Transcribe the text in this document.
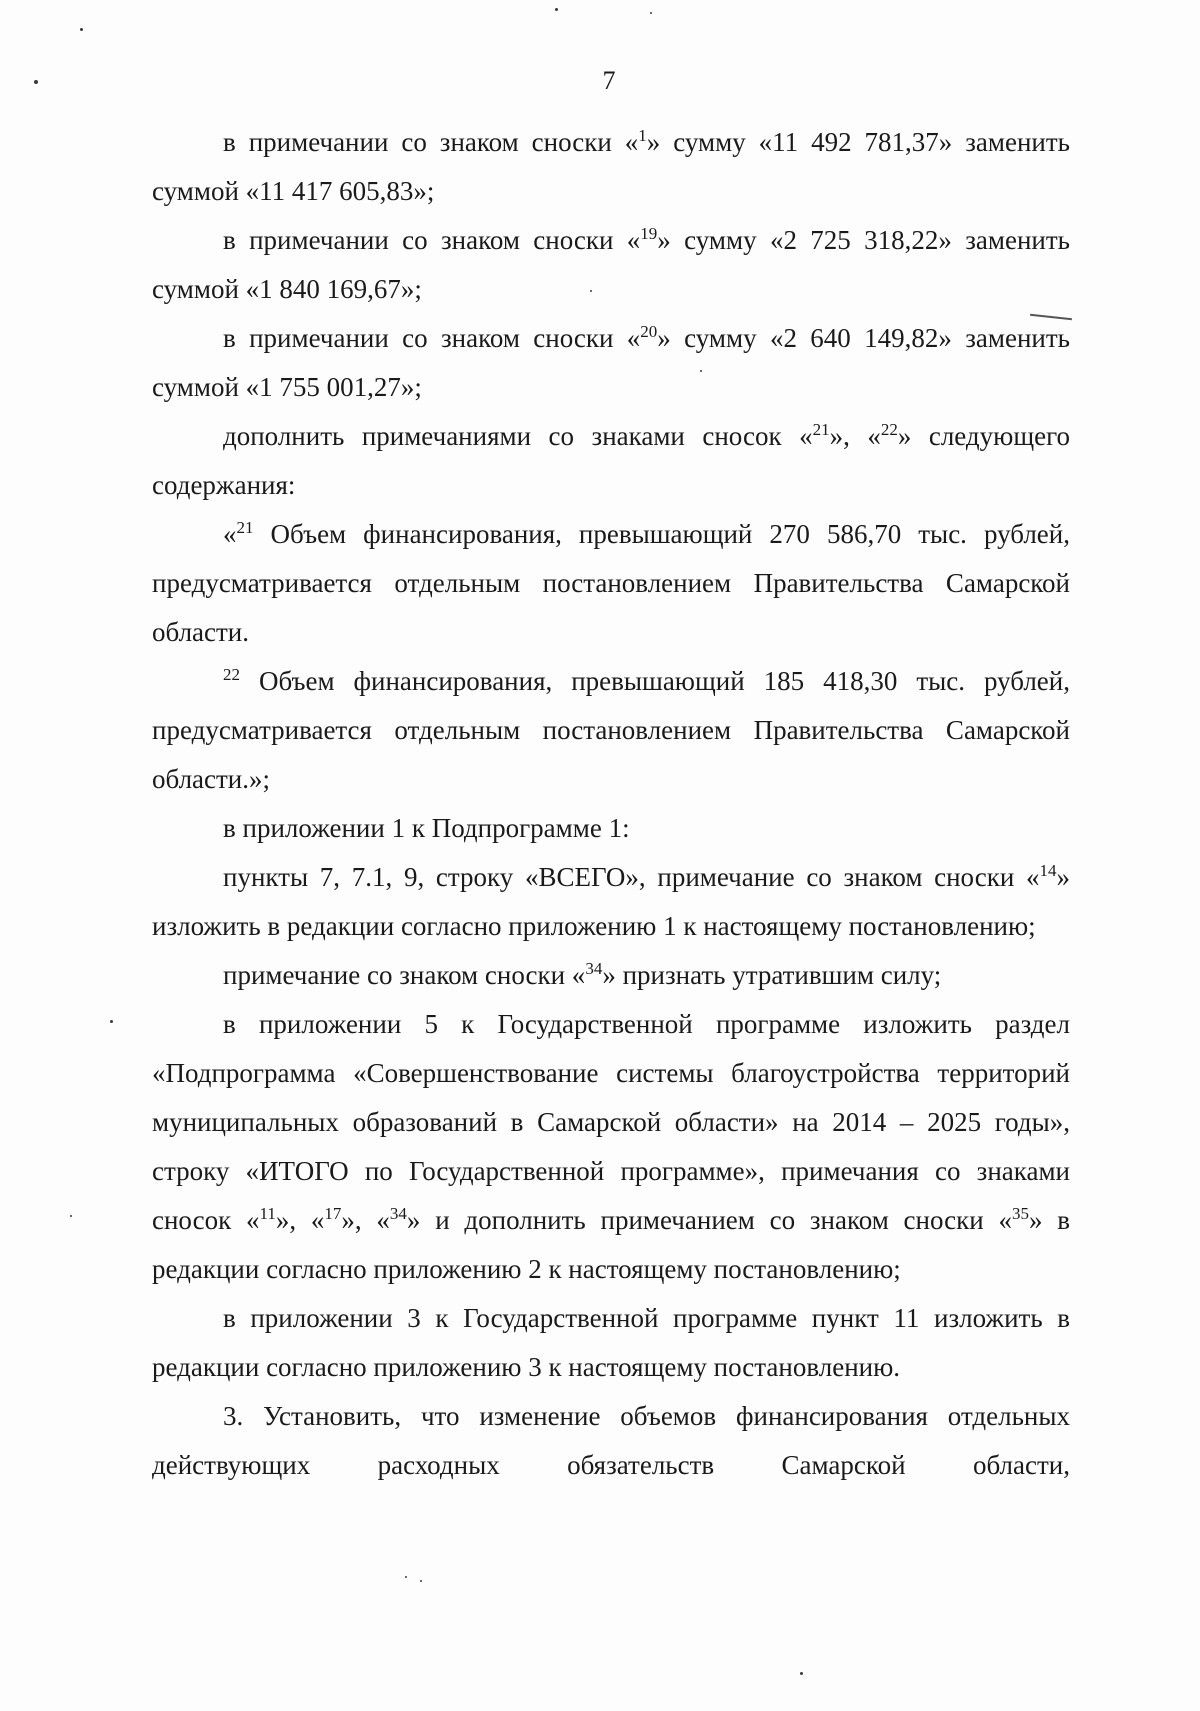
7

в примечании со знаком сноски «$^1$» сумму «11 492 781,37» заменить суммой «11 417 605,83»;

в примечании со знаком сноски «$^{19}$» сумму «2 725 318,22» заменить суммой «1 840 169,67»;

в примечании со знаком сноски «$^{20}$» сумму «2 640 149,82» заменить суммой «1 755 001,27»;

дополнить примечаниями со знаками сносок «$^{21}$», «$^{22}$» следующего содержания:

«$^{21}$ Объем финансирования, превышающий 270 586,70 тыс. рублей, предусматривается отдельным постановлением Правительства Самарской области.

$^{22}$ Объем финансирования, превышающий 185 418,30 тыс. рублей, предусматривается отдельным постановлением Правительства Самарской области.»;

в приложении 1 к Подпрограмме 1:

пункты 7, 7.1, 9, строку «ВСЕГО», примечание со знаком сноски «$^{14}$» изложить в редакции согласно приложению 1 к настоящему постановлению;

примечание со знаком сноски «$^{34}$» признать утратившим силу;

в приложении 5 к Государственной программе изложить раздел «Подпрограмма «Совершенствование системы благоустройства территорий муниципальных образований в Самарской области» на 2014 – 2025 годы», строку «ИТОГО по Государственной программе», примечания со знаками сносок «$^{11}$», «$^{17}$», «$^{34}$» и дополнить примечанием со знаком сноски «$^{35}$» в редакции согласно приложению 2 к настоящему постановлению;

в приложении 3 к Государственной программе пункт 11 изложить в редакции согласно приложению 3 к настоящему постановлению.

3. Установить, что изменение объемов финансирования отдельных действующих расходных обязательств Самарской области,
